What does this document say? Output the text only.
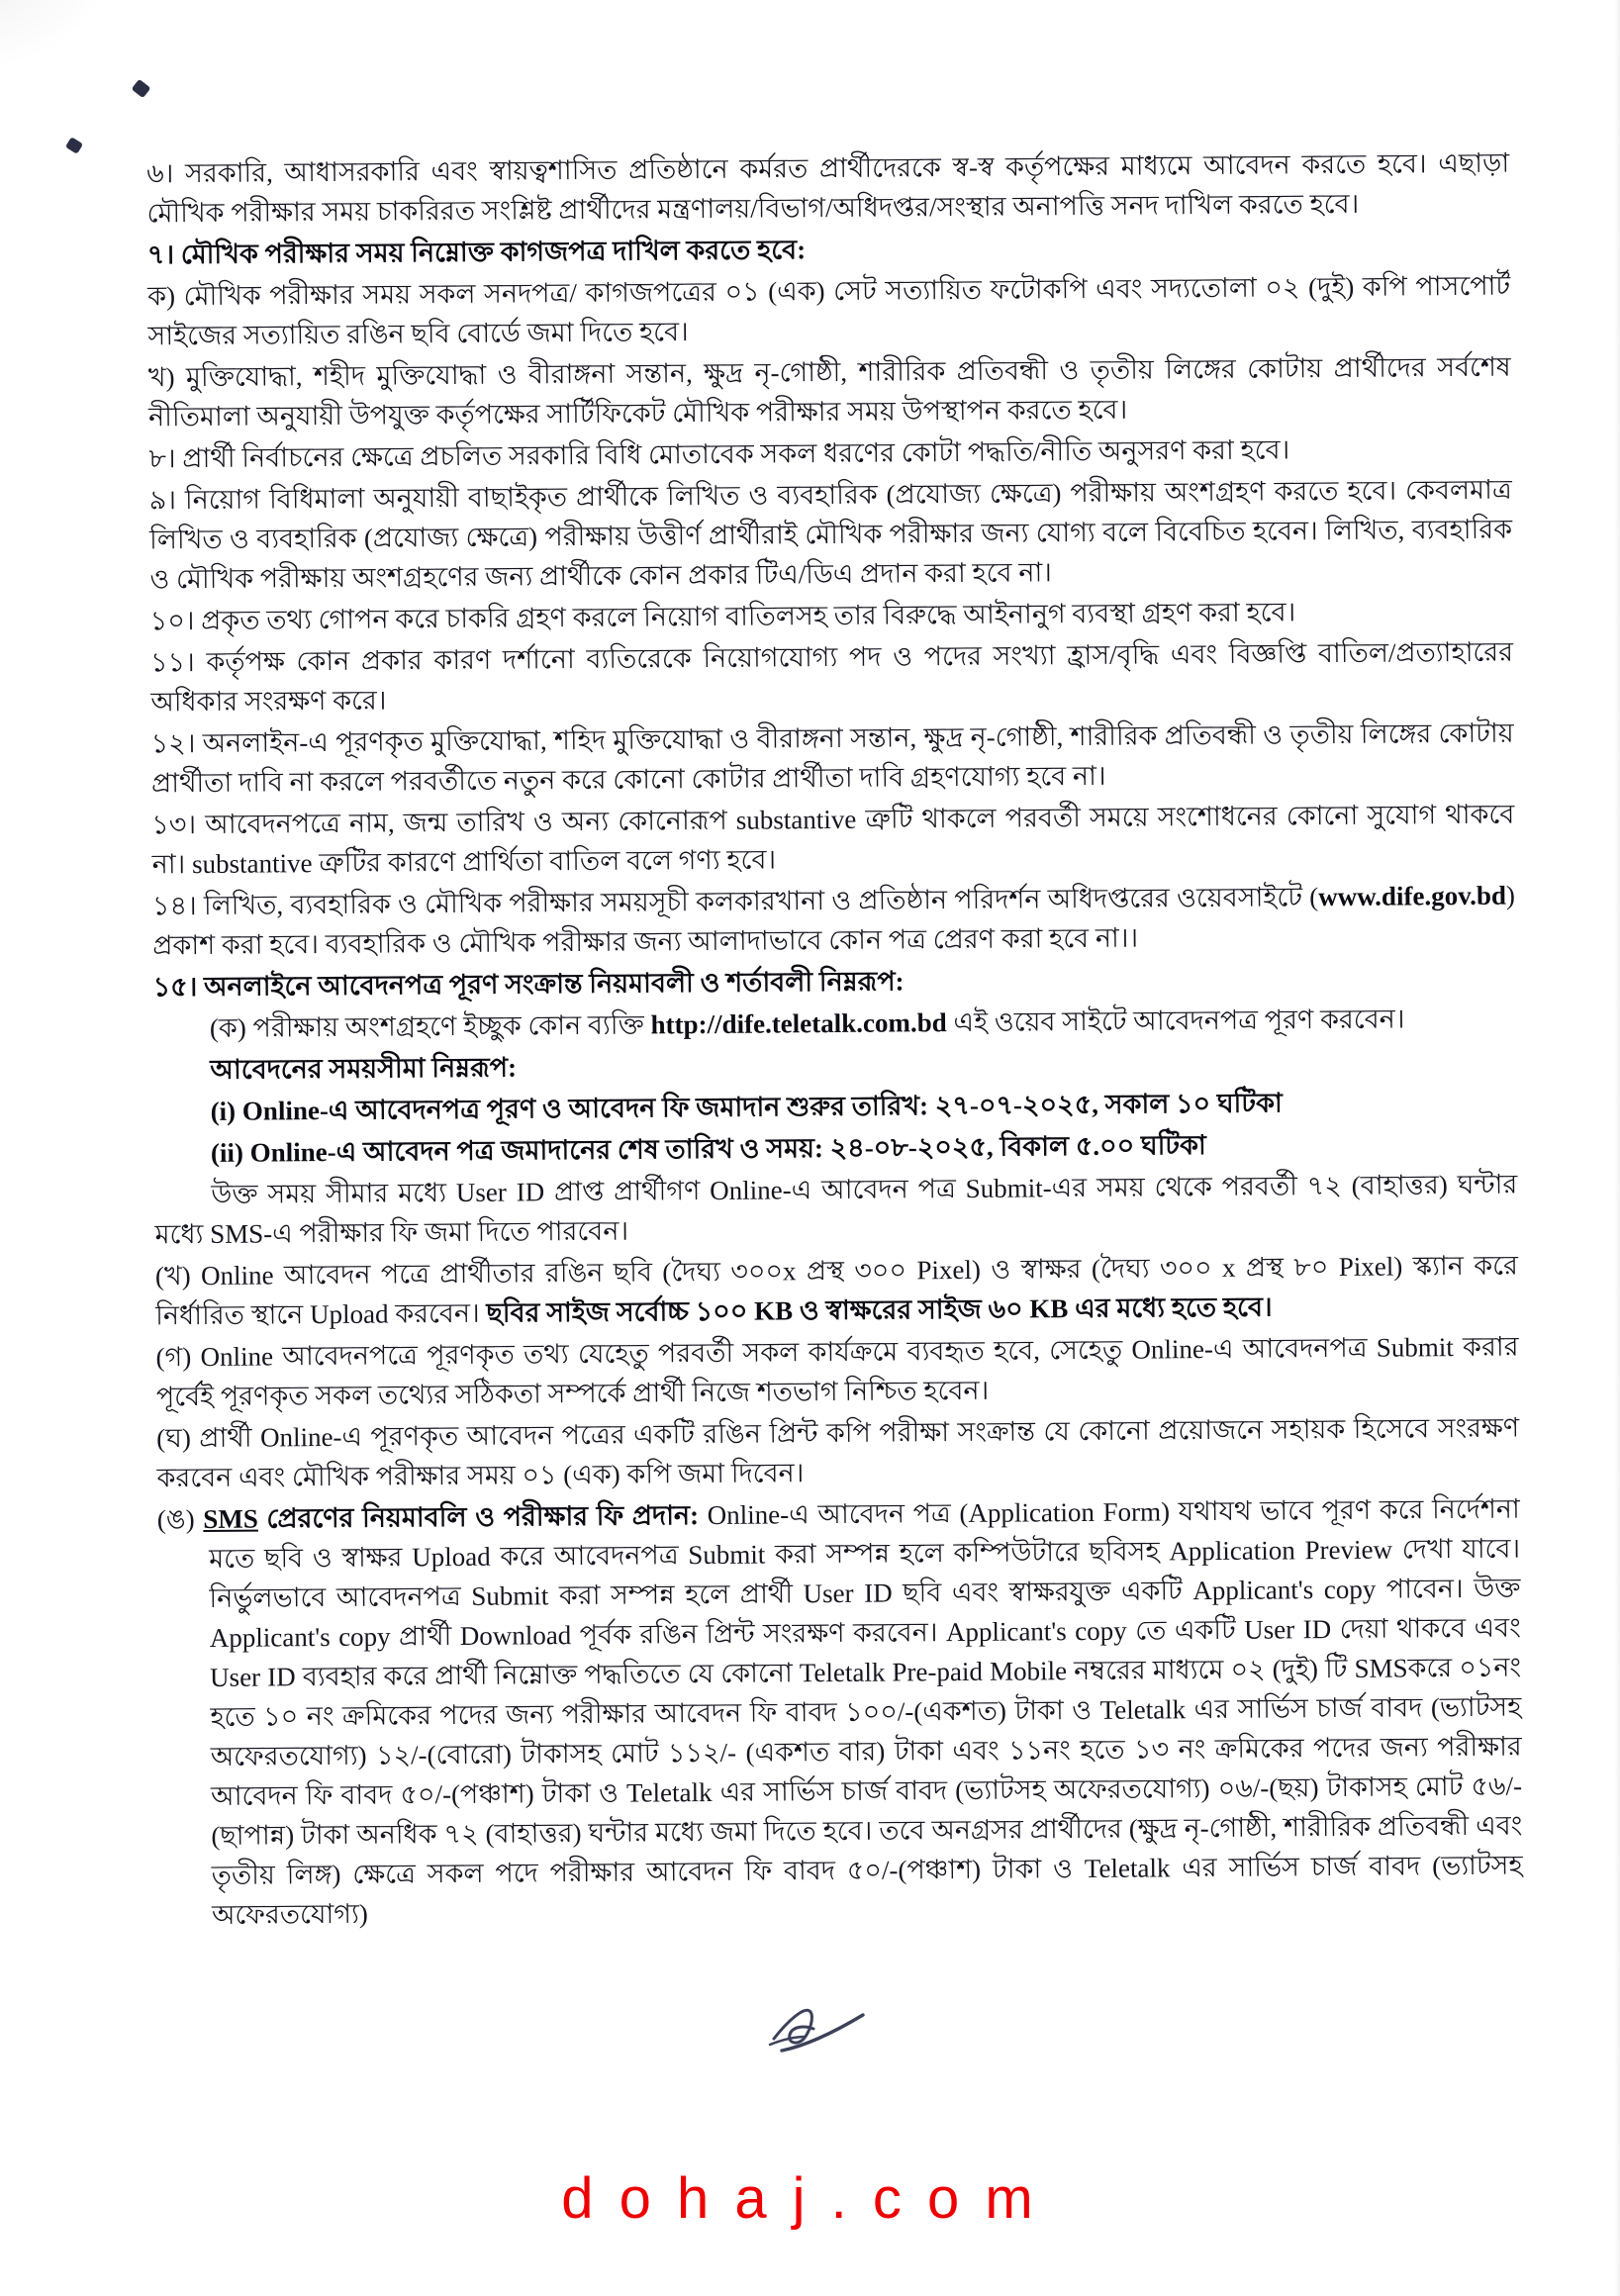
৬। সরকারি, আধাসরকারি এবং স্বায়ত্বশাসিত প্রতিষ্ঠানে কর্মরত প্রার্থীদেরকে স্ব-স্ব কর্তৃপক্ষের মাধ্যমে আবেদন করতে হবে। এছাড়া মৌখিক পরীক্ষার সময় চাকরিরত সংশ্লিষ্ট প্রার্থীদের মন্ত্রণালয়/বিভাগ/অধিদপ্তর/সংস্থার অনাপত্তি সনদ দাখিল করতে হবে।

৭। মৌখিক পরীক্ষার সময় নিম্নোক্ত কাগজপত্র দাখিল করতে হবে:

ক) মৌখিক পরীক্ষার সময় সকল সনদপত্র/ কাগজপত্রের ০১ (এক) সেট সত্যায়িত ফটোকপি এবং সদ্যতোলা ০২ (দুই) কপি পাসপোর্ট সাইজের সত্যায়িত রঙিন ছবি বোর্ডে জমা দিতে হবে।

খ) মুক্তিযোদ্ধা, শহীদ মুক্তিযোদ্ধা ও বীরাঙ্গনা সন্তান, ক্ষুদ্র নৃ-গোষ্ঠী, শারীরিক প্রতিবন্ধী ও তৃতীয় লিঙ্গের কোটায় প্রার্থীদের সর্বশেষ নীতিমালা অনুযায়ী উপযুক্ত কর্তৃপক্ষের সার্টিফিকেট মৌখিক পরীক্ষার সময় উপস্থাপন করতে হবে।

৮। প্রার্থী নির্বাচনের ক্ষেত্রে প্রচলিত সরকারি বিধি মোতাবেক সকল ধরণের কোটা পদ্ধতি/নীতি অনুসরণ করা হবে।

৯। নিয়োগ বিধিমালা অনুযায়ী বাছাইকৃত প্রার্থীকে লিখিত ও ব্যবহারিক (প্রযোজ্য ক্ষেত্রে) পরীক্ষায় অংশগ্রহণ করতে হবে। কেবলমাত্র লিখিত ও ব্যবহারিক (প্রযোজ্য ক্ষেত্রে) পরীক্ষায় উত্তীর্ণ প্রার্থীরাই মৌখিক পরীক্ষার জন্য যোগ্য বলে বিবেচিত হবেন। লিখিত, ব্যবহারিক ও মৌখিক পরীক্ষায় অংশগ্রহণের জন্য প্রার্থীকে কোন প্রকার টিএ/ডিএ প্রদান করা হবে না।

১০। প্রকৃত তথ্য গোপন করে চাকরি গ্রহণ করলে নিয়োগ বাতিলসহ তার বিরুদ্ধে আইনানুগ ব্যবস্থা গ্রহণ করা হবে।

১১। কর্তৃপক্ষ কোন প্রকার কারণ দর্শানো ব্যতিরেকে নিয়োগযোগ্য পদ ও পদের সংখ্যা হ্রাস/বৃদ্ধি এবং বিজ্ঞপ্তি বাতিল/প্রত্যাহারের অধিকার সংরক্ষণ করে।

১২। অনলাইন-এ পূরণকৃত মুক্তিযোদ্ধা, শহিদ মুক্তিযোদ্ধা ও বীরাঙ্গনা সন্তান, ক্ষুদ্র নৃ-গোষ্ঠী, শারীরিক প্রতিবন্ধী ও তৃতীয় লিঙ্গের কোটায় প্রার্থীতা দাবি না করলে পরবর্তীতে নতুন করে কোনো কোটার প্রার্থীতা দাবি গ্রহণযোগ্য হবে না।

১৩। আবেদনপত্রে নাম, জন্ম তারিখ ও অন্য কোনোরূপ substantive ত্রুটি থাকলে পরবর্তী সময়ে সংশোধনের কোনো সুযোগ থাকবে না। substantive ত্রুটির কারণে প্রার্থিতা বাতিল বলে গণ্য হবে।

১৪। লিখিত, ব্যবহারিক ও মৌখিক পরীক্ষার সময়সূচী কলকারখানা ও প্রতিষ্ঠান পরিদর্শন অধিদপ্তরের ওয়েবসাইটে (www.dife.gov.bd) প্রকাশ করা হবে। ব্যবহারিক ও মৌখিক পরীক্ষার জন্য আলাদাভাবে কোন পত্র প্রেরণ করা হবে না।।

১৫। অনলাইনে আবেদনপত্র পূরণ সংক্রান্ত নিয়মাবলী ও শর্তাবলী নিম্নরূপ:

(ক) পরীক্ষায় অংশগ্রহণে ইচ্ছুক কোন ব্যক্তি http://dife.teletalk.com.bd এই ওয়েব সাইটে আবেদনপত্র পূরণ করবেন।

আবেদনের সময়সীমা নিম্নরূপ:

(i) Online-এ আবেদনপত্র পূরণ ও আবেদন ফি জমাদান শুরুর তারিখ: ২৭-০৭-২০২৫, সকাল ১০ ঘটিকা

(ii) Online-এ আবেদন পত্র জমাদানের শেষ তারিখ ও সময়: ২৪-০৮-২০২৫, বিকাল ৫.০০ ঘটিকা

উক্ত সময় সীমার মধ্যে User ID প্রাপ্ত প্রার্থীগণ Online-এ আবেদন পত্র Submit-এর সময় থেকে পরবর্তী ৭২ (বাহাত্তর) ঘন্টার মধ্যে SMS-এ পরীক্ষার ফি জমা দিতে পারবেন।

(খ) Online আবেদন পত্রে প্রার্থীতার রঙিন ছবি (দৈঘ্য ৩০০x প্রস্থ ৩০০ Pixel) ও স্বাক্ষর (দৈঘ্য ৩০০ x প্রস্থ ৮০ Pixel) স্ক্যান করে নির্ধারিত স্থানে Upload করবেন। ছবির সাইজ সর্বোচ্চ ১০০ KB ও স্বাক্ষরের সাইজ ৬০ KB এর মধ্যে হতে হবে।

(গ) Online আবেদনপত্রে পূরণকৃত তথ্য যেহেতু পরবর্তী সকল কার্যক্রমে ব্যবহৃত হবে, সেহেতু Online-এ আবেদনপত্র Submit করার পূর্বেই পূরণকৃত সকল তথ্যের সঠিকতা সম্পর্কে প্রার্থী নিজে শতভাগ নিশ্চিত হবেন।

(ঘ) প্রার্থী Online-এ পূরণকৃত আবেদন পত্রের একটি রঙিন প্রিন্ট কপি পরীক্ষা সংক্রান্ত যে কোনো প্রয়োজনে সহায়ক হিসেবে সংরক্ষণ করবেন এবং মৌখিক পরীক্ষার সময় ০১ (এক) কপি জমা দিবেন।

(ঙ) SMS প্রেরণের নিয়মাবলি ও পরীক্ষার ফি প্রদান: Online-এ আবেদন পত্র (Application Form) যথাযথ ভাবে পূরণ করে নির্দেশনা মতে ছবি ও স্বাক্ষর Upload করে আবেদনপত্র Submit করা সম্পন্ন হলে কম্পিউটারে ছবিসহ Application Preview দেখা যাবে। নির্ভুলভাবে আবেদনপত্র Submit করা সম্পন্ন হলে প্রার্থী User ID ছবি এবং স্বাক্ষরযুক্ত একটি Applicant's copy পাবেন। উক্ত Applicant's copy প্রার্থী Download পূর্বক রঙিন প্রিন্ট সংরক্ষণ করবেন। Applicant's copy তে একটি User ID দেয়া থাকবে এবং User ID ব্যবহার করে প্রার্থী নিম্নোক্ত পদ্ধতিতে যে কোনো Teletalk Pre-paid Mobile নম্বরের মাধ্যমে ০২ (দুই) টি SMSকরে ০১নং হতে ১০ নং ক্রমিকের পদের জন্য পরীক্ষার আবেদন ফি বাবদ ১০০/-(একশত) টাকা ও Teletalk এর সার্ভিস চার্জ বাবদ (ভ্যাটসহ অফেরতযোগ্য) ১২/-(বোরো) টাকাসহ মোট ১১২/- (একশত বার) টাকা এবং ১১নং হতে ১৩ নং ক্রমিকের পদের জন্য পরীক্ষার আবেদন ফি বাবদ ৫০/-(পঞ্চাশ) টাকা ও Teletalk এর সার্ভিস চার্জ বাবদ (ভ্যাটসহ অফেরতযোগ্য) ০৬/-(ছয়) টাকাসহ মোট ৫৬/-(ছাপান্ন) টাকা অনধিক ৭২ (বাহাত্তর) ঘন্টার মধ্যে জমা দিতে হবে। তবে অনগ্রসর প্রার্থীদের (ক্ষুদ্র নৃ-গোষ্ঠী, শারীরিক প্রতিবন্ধী এবং তৃতীয় লিঙ্গ) ক্ষেত্রে সকল পদে পরীক্ষার আবেদন ফি বাবদ ৫০/-(পঞ্চাশ) টাকা ও Teletalk এর সার্ভিস চার্জ বাবদ (ভ্যাটসহ অফেরতযোগ্য)

dohaj.com
